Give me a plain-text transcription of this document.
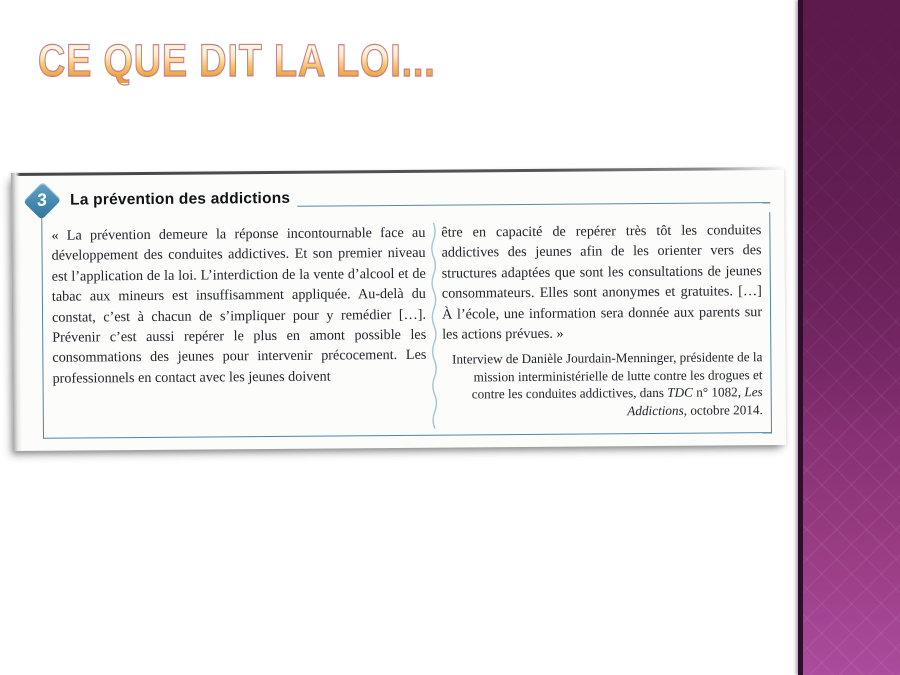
CE QUE DIT LA LOI...
3 La prévention des addictions
« La prévention demeure la réponse incontournable face au développement des conduites addictives. Et son premier niveau est l’application de la loi. L’interdiction de la vente d’alcool et de tabac aux mineurs est insuffisamment appliquée. Au-delà du constat, c’est à chacun de s’impliquer pour y remédier […]. Prévenir c’est aussi repérer le plus en amont possible les consommations des jeunes pour intervenir précocement. Les professionnels en contact avec les jeunes doivent
être en capacité de repérer très tôt les conduites addictives des jeunes afin de les orienter vers des structures adaptées que sont les consultations de jeunes consommateurs. Elles sont anonymes et gratuites. […] À l’école, une information sera donnée aux parents sur les actions prévues. »
Interview de Danièle Jourdain-Menninger, présidente de la mission interministérielle de lutte contre les drogues et contre les conduites addictives, dans TDC n° 1082, Les Addictions, octobre 2014.
